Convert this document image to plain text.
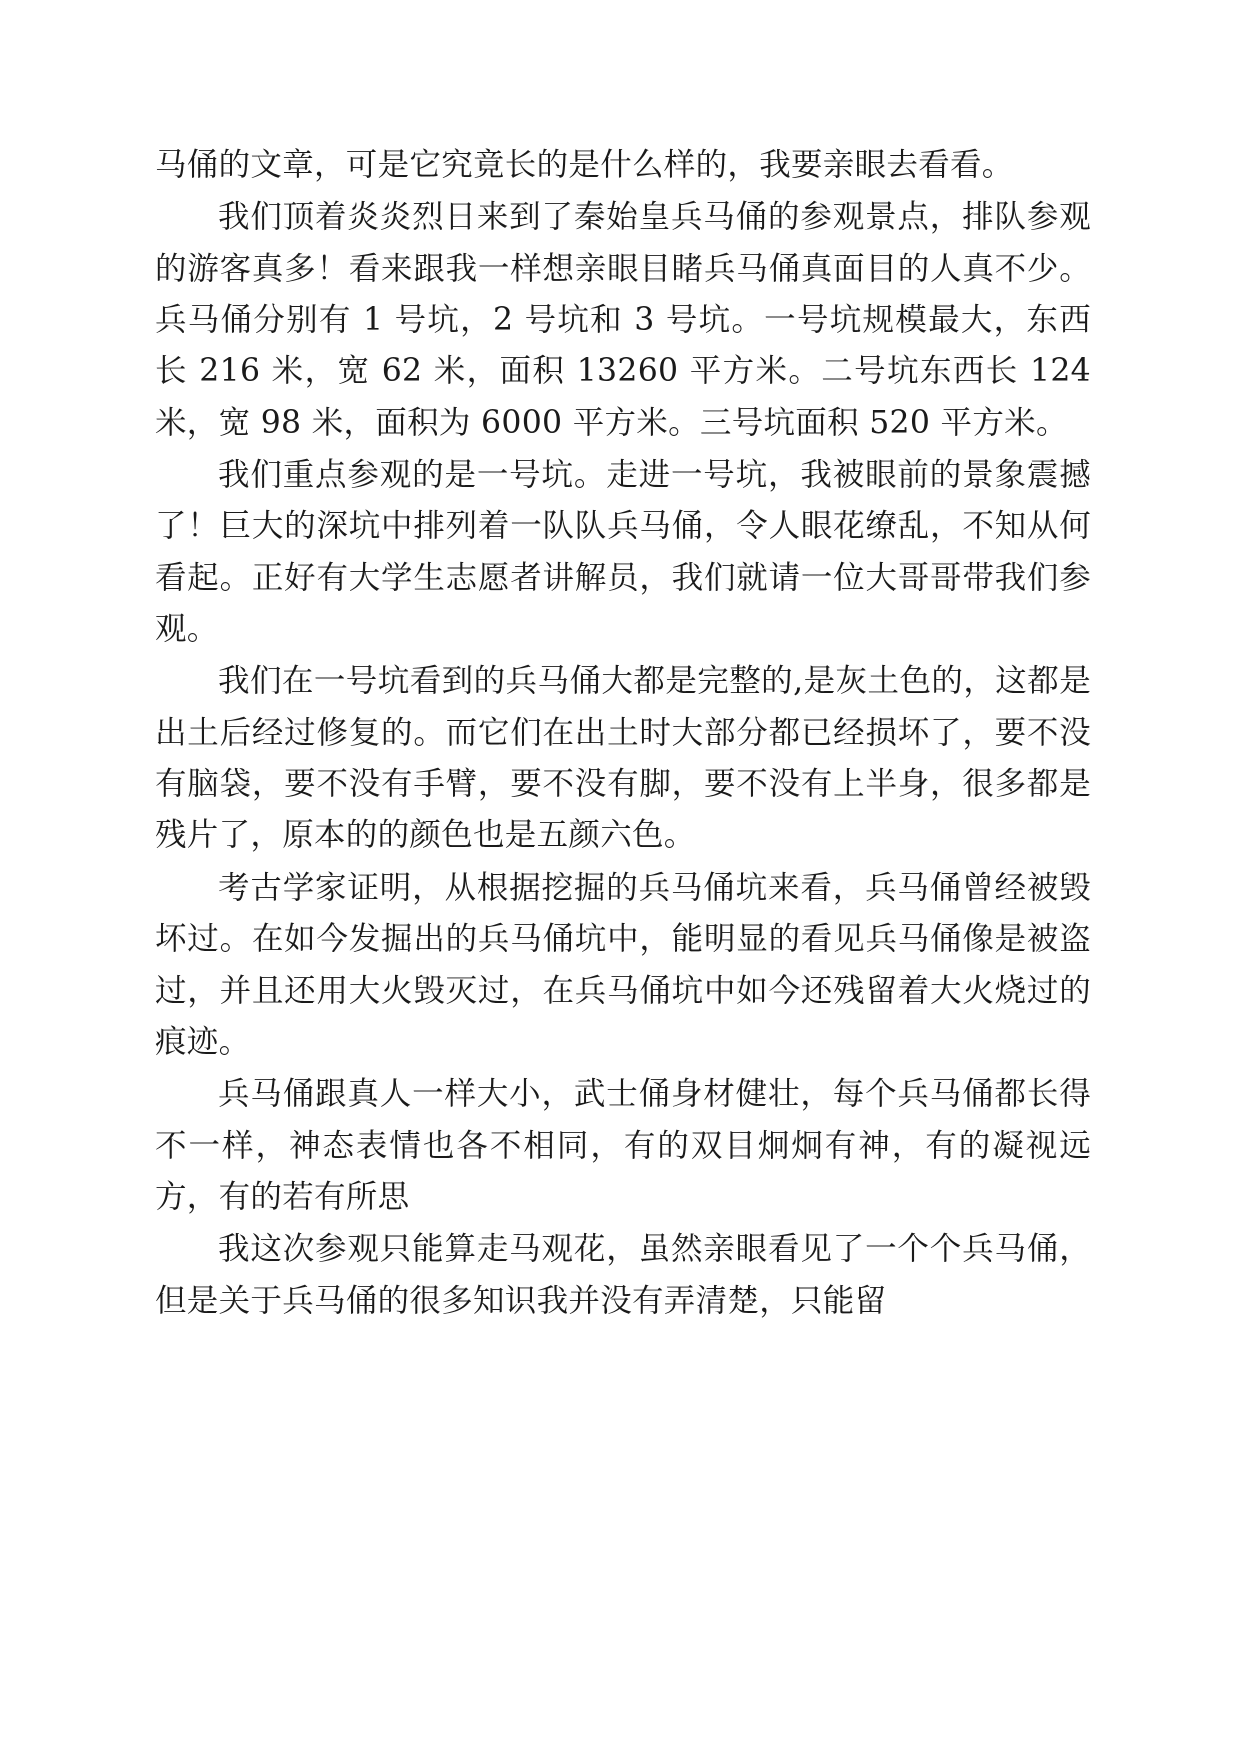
马俑的文章，可是它究竟长的是什么样的，我要亲眼去看看。

我们顶着炎炎烈日来到了秦始皇兵马俑的参观景点，排队参观的游客真多！看来跟我一样想亲眼目睹兵马俑真面目的人真不少。兵马俑分别有 1 号坑，2 号坑和 3 号坑。一号坑规模最大，东西长 216 米，宽 62 米，面积 13260 平方米。二号坑东西长 124 米，宽 98 米，面积为 6000 平方米。三号坑面积 520 平方米。

我们重点参观的是一号坑。走进一号坑，我被眼前的景象震撼了！巨大的深坑中排列着一队队兵马俑，令人眼花缭乱，不知从何看起。正好有大学生志愿者讲解员，我们就请一位大哥哥带我们参观。

我们在一号坑看到的兵马俑大都是完整的,是灰土色的，这都是出土后经过修复的。而它们在出土时大部分都已经损坏了，要不没有脑袋，要不没有手臂，要不没有脚，要不没有上半身，很多都是残片了，原本的的颜色也是五颜六色。

考古学家证明，从根据挖掘的兵马俑坑来看，兵马俑曾经被毁坏过。在如今发掘出的兵马俑坑中，能明显的看见兵马俑像是被盗过，并且还用大火毁灭过，在兵马俑坑中如今还残留着大火烧过的痕迹。

兵马俑跟真人一样大小，武士俑身材健壮，每个兵马俑都长得不一样，神态表情也各不相同，有的双目炯炯有神，有的凝视远方，有的若有所思

我这次参观只能算走马观花，虽然亲眼看见了一个个兵马俑，但是关于兵马俑的很多知识我并没有弄清楚，只能留
